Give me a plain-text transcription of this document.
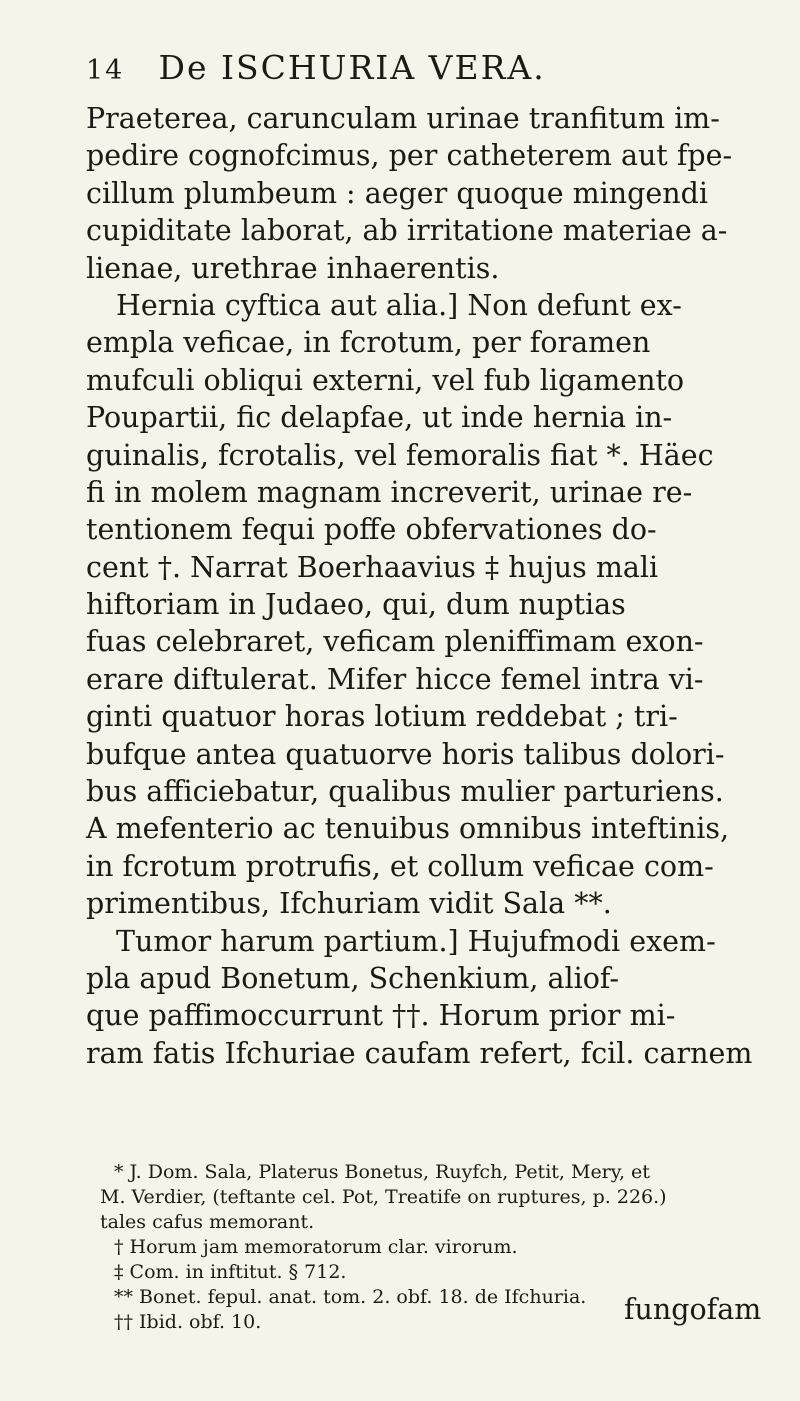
14 De ISCHURIA VERA.
Praeterea, carunculam urinae tranfitum im-
pedire cognofcimus, per catheterem aut fpe-
cillum plumbeum : aeger quoque mingendi
cupiditate laborat, ab irritatione materiae a-
lienae, urethrae inhaerentis.
Hernia cyftica aut alia.] Non defunt ex-
empla veficae, in fcrotum, per foramen
mufculi obliqui externi, vel fub ligamento
Poupartii, fic delapfae, ut inde hernia in-
guinalis, fcrotalis, vel femoralis fiat *. Häec
fi in molem magnam increverit, urinae re-
tentionem fequi poffe obfervationes do-
cent †. Narrat Boerhaavius ‡ hujus mali
hiftoriam in Judaeo, qui, dum nuptias
fuas celebraret, veficam pleniffimam exon-
erare diftulerat. Mifer hicce femel intra vi-
ginti quatuor horas lotium reddebat ; tri-
bufque antea quatuorve horis talibus dolori-
bus afficiebatur, qualibus mulier parturiens.
A mefenterio ac tenuibus omnibus inteftinis,
in fcrotum protrufis, et collum veficae com-
primentibus, Ifchuriam vidit Sala **.
Tumor harum partium.] Hujufmodi exem-
pla apud Bonetum, Schenkium, aliof-
que paffimoccurrunt ††. Horum prior mi-
ram fatis Ifchuriae caufam refert, fcil. carnem
* J. Dom. Sala, Platerus Bonetus, Ruyfch, Petit, Mery, et
M. Verdier, (teftante cel. Pot, Treatife on ruptures, p. 226.)
tales cafus memorant.
† Horum jam memoratorum clar. virorum.
‡ Com. in inftitut. § 712.
** Bonet. fepul. anat. tom. 2. obf. 18. de Ifchuria.
†† Ibid. obf. 10.	fungofam
